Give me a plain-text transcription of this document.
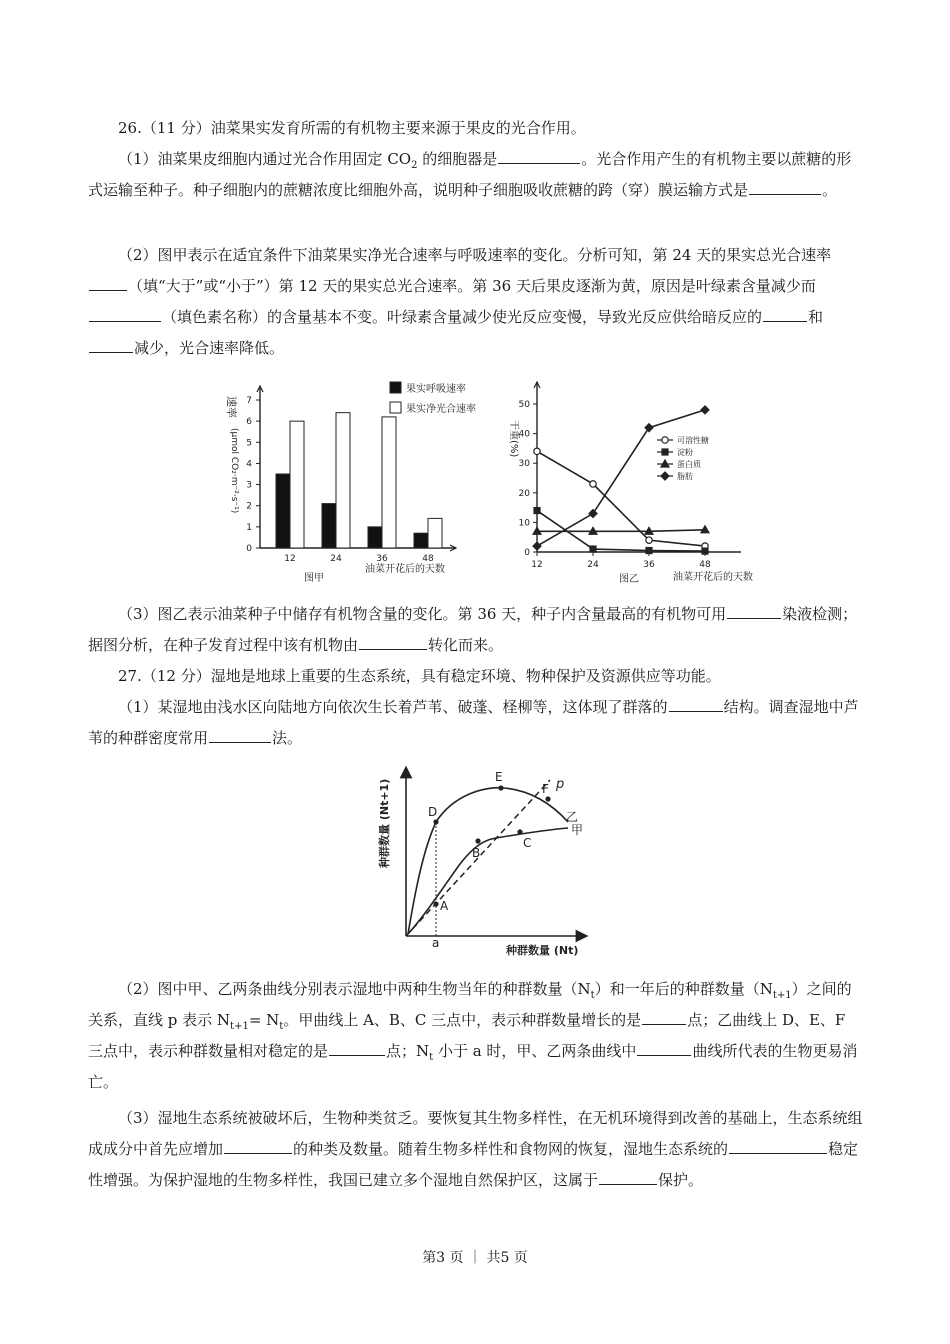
26.（11 分）油菜果实发育所需的有机物主要来源于果皮的光合作用。

（1）油菜果皮细胞内通过光合作用固定 $CO_2$ 的细胞器是	。光合作用产生的有机物主要以蔗糖的形式运输至种子。种子细胞内的蔗糖浓度比细胞外高，说明种子细胞吸收蔗糖的跨（穿）膜运输方式是	。

（2）图甲表示在适宜条件下油菜果实净光合速率与呼吸速率的变化。分析可知，第 24 天的果实总光合速率（填“大于”或“小于”）第 12 天的果实总光合速率。第 36 天后果皮逐渐为黄，原因是叶绿素含量减少而（填色素名称）的含量基本不变。叶绿素含量减少使光反应变慢，导致光反应供给暗反应的	和减少，光合速率降低。

0
1
2
3
4
5
6
7
12	24	36	48
果实呼吸速率
果实净光合速率
速率
(μmol CO₂·m⁻²·s⁻¹)
油菜开花后的天数
图甲
0
10
20
30
40
50
12	24	36	48
可溶性糖
淀粉
蛋白质
脂肪
干重(%)
油菜开花后的天数
图乙

（3）图乙表示油菜种子中储存有机物含量的变化。第 36 天，种子内含量最高的有机物可用	染液检测；据图分析，在种子发育过程中该有机物由	转化而来。

27.（12 分）湿地是地球上重要的生态系统，具有稳定环境、物种保护及资源供应等功能。

（1）某湿地由浅水区向陆地方向依次生长着芦苇、破蓬、柽柳等，这体现了群落的	结构。调查湿地中芦苇的种群密度常用	法。

A
B
C
D
E
F p
乙
甲
a
种群数量 (Nt)
种群数量 (Nt+1)

（2）图中甲、乙两条曲线分别表示湿地中两种生物当年的种群数量$(N_t)$和一年后的种群数量$(N_{t+1})$之间的关系，直线 p 表示 $N_{t+1}= N_t$。甲曲线上 A、B、C 三点中，表示种群数量增长的是	点；乙曲线上 D、E、F 三点中，表示种群数量相对稳定的是	点；$N_t$ 小于 a 时，甲、乙两条曲线中	曲线所代表的生物更易消亡。

（3）湿地生态系统被破坏后，生物种类贫乏。要恢复其生物多样性，在无机环境得到改善的基础上，生态系统组成成分中首先应增加	的种类及数量。随着生物多样性和食物网的恢复，湿地生态系统的	稳定性增强。为保护湿地的生物多样性，我国已建立多个湿地自然保护区，这属于	保护。

第3 页 ｜ 共5 页
